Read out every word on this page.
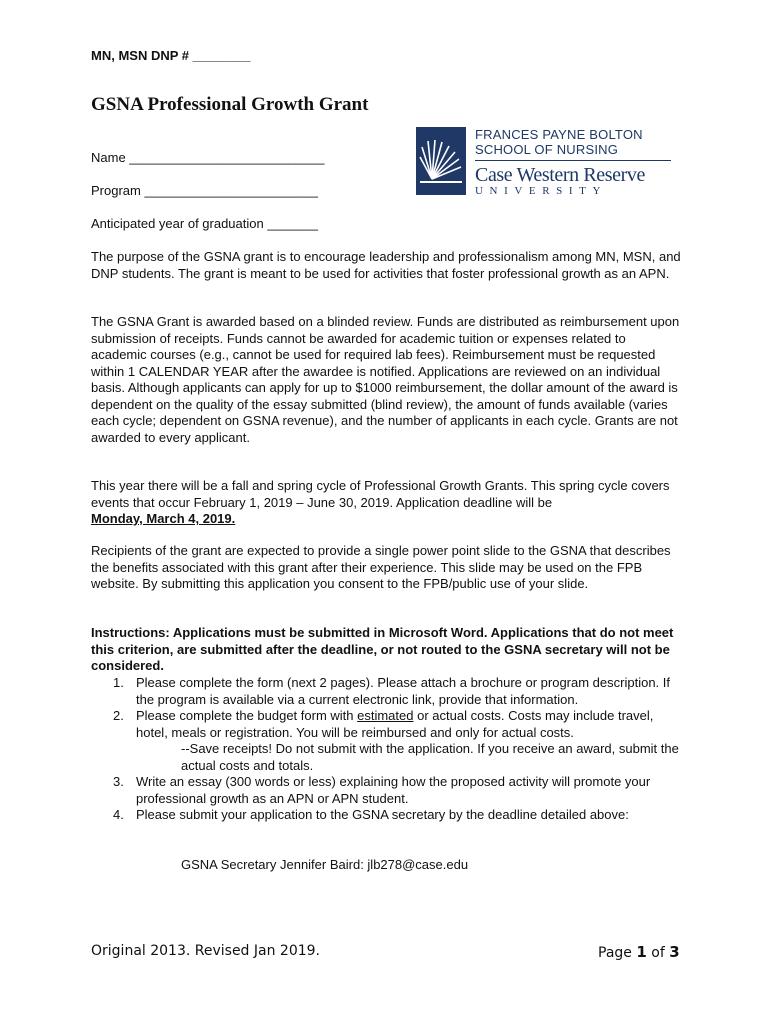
MN, MSN DNP # ________
GSNA Professional Growth Grant
Name ___________________________
Program ________________________
Anticipated year of graduation _______
FRANCES PAYNE BOLTON
SCHOOL OF NURSING
Case Western Reserve
UNIVERSITY

The purpose of the GSNA grant is to encourage leadership and professionalism among MN, MSN, and DNP students. The grant is meant to be used for activities that foster professional growth as an APN.

The GSNA Grant is awarded based on a blinded review. Funds are distributed as reimbursement upon submission of receipts. Funds cannot be awarded for academic tuition or expenses related to academic courses (e.g., cannot be used for required lab fees). Reimbursement must be requested within 1 CALENDAR YEAR after the awardee is notified. Applications are reviewed on an individual basis. Although applicants can apply for up to $1000 reimbursement, the dollar amount of the award is dependent on the quality of the essay submitted (blind review), the amount of funds available (varies each cycle; dependent on GSNA revenue), and the number of applicants in each cycle. Grants are not awarded to every applicant.

This year there will be a fall and spring cycle of Professional Growth Grants. This spring cycle covers events that occur February 1, 2019 – June 30, 2019. Application deadline will be
Monday, March 4, 2019.

Recipients of the grant are expected to provide a single power point slide to the GSNA that describes the benefits associated with this grant after their experience. This slide may be used on the FPB website. By submitting this application you consent to the FPB/public use of your slide.

Instructions: Applications must be submitted in Microsoft Word. Applications that do not meet this criterion, are submitted after the deadline, or not routed to the GSNA secretary will not be considered.
1. Please complete the form (next 2 pages). Please attach a brochure or program description. If the program is available via a current electronic link, provide that information.
2. Please complete the budget form with estimated or actual costs. Costs may include travel, hotel, meals or registration. You will be reimbursed and only for actual costs.
--Save receipts! Do not submit with the application. If you receive an award, submit the actual costs and totals.
3. Write an essay (300 words or less) explaining how the proposed activity will promote your professional growth as an APN or APN student.
4. Please submit your application to the GSNA secretary by the deadline detailed above:
GSNA Secretary Jennifer Baird: jlb278@case.edu
Original 2013. Revised Jan 2019.	Page 1 of 3
